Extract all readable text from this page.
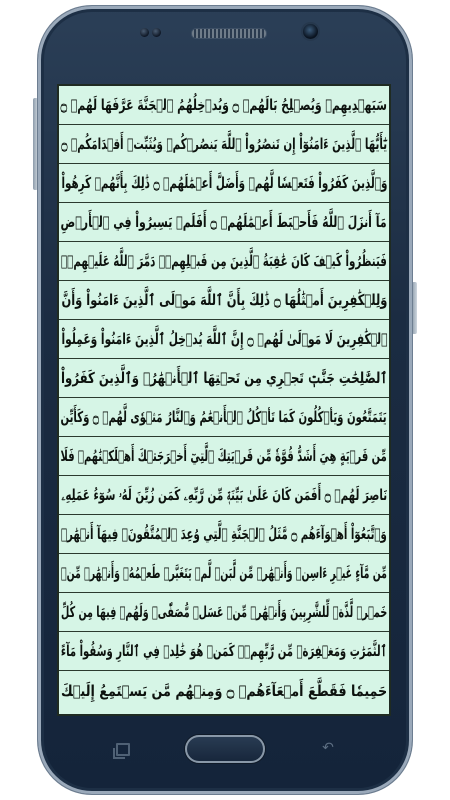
سَيَهۡدِيهِمۡ وَيُصۡلِحُ بَالَهُمۡ ۝ وَيُدۡخِلُهُمُ ٱلۡجَنَّةَ عَرَّفَهَا لَهُمۡ ۝
يَٰٓأَيُّهَا ٱلَّذِينَ ءَامَنُوٓاْ إِن تَنصُرُواْ ٱللَّهَ يَنصُرۡكُمۡ وَيُثَبِّتۡ أَقۡدَامَكُمۡ ۝
وَٱلَّذِينَ كَفَرُواْ فَتَعۡسٗا لَّهُمۡ وَأَضَلَّ أَعۡمَٰلَهُمۡ ۝ ذَٰلِكَ بِأَنَّهُمۡ كَرِهُواْ
مَآ أَنزَلَ ٱللَّهُ فَأَحۡبَطَ أَعۡمَٰلَهُمۡ ۝ أَفَلَمۡ يَسِيرُواْ فِي ٱلۡأَرۡضِ
فَيَنظُرُواْ كَيۡفَ كَانَ عَٰقِبَةُ ٱلَّذِينَ مِن قَبۡلِهِمۡۖ دَمَّرَ ٱللَّهُ عَلَيۡهِمۡۖ
وَلِلۡكَٰفِرِينَ أَمۡثَٰلُهَا ۝ ذَٰلِكَ بِأَنَّ ٱللَّهَ مَوۡلَى ٱلَّذِينَ ءَامَنُواْ وَأَنَّ
ٱلۡكَٰفِرِينَ لَا مَوۡلَىٰ لَهُمۡ ۝ إِنَّ ٱللَّهَ يُدۡخِلُ ٱلَّذِينَ ءَامَنُواْ وَعَمِلُواْ
ٱلصَّٰلِحَٰتِ جَنَّٰتٖ تَجۡرِي مِن تَحۡتِهَا ٱلۡأَنۡهَٰرُۖ وَٱلَّذِينَ كَفَرُواْ
يَتَمَتَّعُونَ وَيَأۡكُلُونَ كَمَا تَأۡكُلُ ٱلۡأَنۡعَٰمُ وَٱلنَّارُ مَثۡوٗى لَّهُمۡ ۝ وَكَأَيِّن
مِّن قَرۡيَةٍ هِيَ أَشَدُّ قُوَّةٗ مِّن قَرۡيَتِكَ ٱلَّتِيٓ أَخۡرَجَتۡكَ أَهۡلَكۡنَٰهُمۡ فَلَا
نَاصِرَ لَهُمۡ ۝ أَفَمَن كَانَ عَلَىٰ بَيِّنَةٖ مِّن رَّبِّهِۦ كَمَن زُيِّنَ لَهُۥ سُوٓءُ عَمَلِهِۦ
وَٱتَّبَعُوٓاْ أَهۡوَآءَهُم ۝ مَّثَلُ ٱلۡجَنَّةِ ٱلَّتِي وُعِدَ ٱلۡمُتَّقُونَۖ فِيهَآ أَنۡهَٰرٞ
مِّن مَّآءٍ غَيۡرِ ءَاسِنٖ وَأَنۡهَٰرٞ مِّن لَّبَنٖ لَّمۡ يَتَغَيَّرۡ طَعۡمُهُۥ وَأَنۡهَٰرٞ مِّنۡ
خَمۡرٖ لَّذَّةٖ لِّلشَّٰرِبِينَ وَأَنۡهَٰرٞ مِّنۡ عَسَلٖ مُّصَفّٗىۖ وَلَهُمۡ فِيهَا مِن كُلِّ
ٱلثَّمَرَٰتِ وَمَغۡفِرَةٞ مِّن رَّبِّهِمۡۖ كَمَنۡ هُوَ خَٰلِدٞ فِي ٱلنَّارِ وَسُقُواْ مَآءً
حَمِيمٗا فَقَطَّعَ أَمۡعَآءَهُمۡ ۝ وَمِنۡهُم مَّن يَسۡتَمِعُ إِلَيۡكَ
↶
